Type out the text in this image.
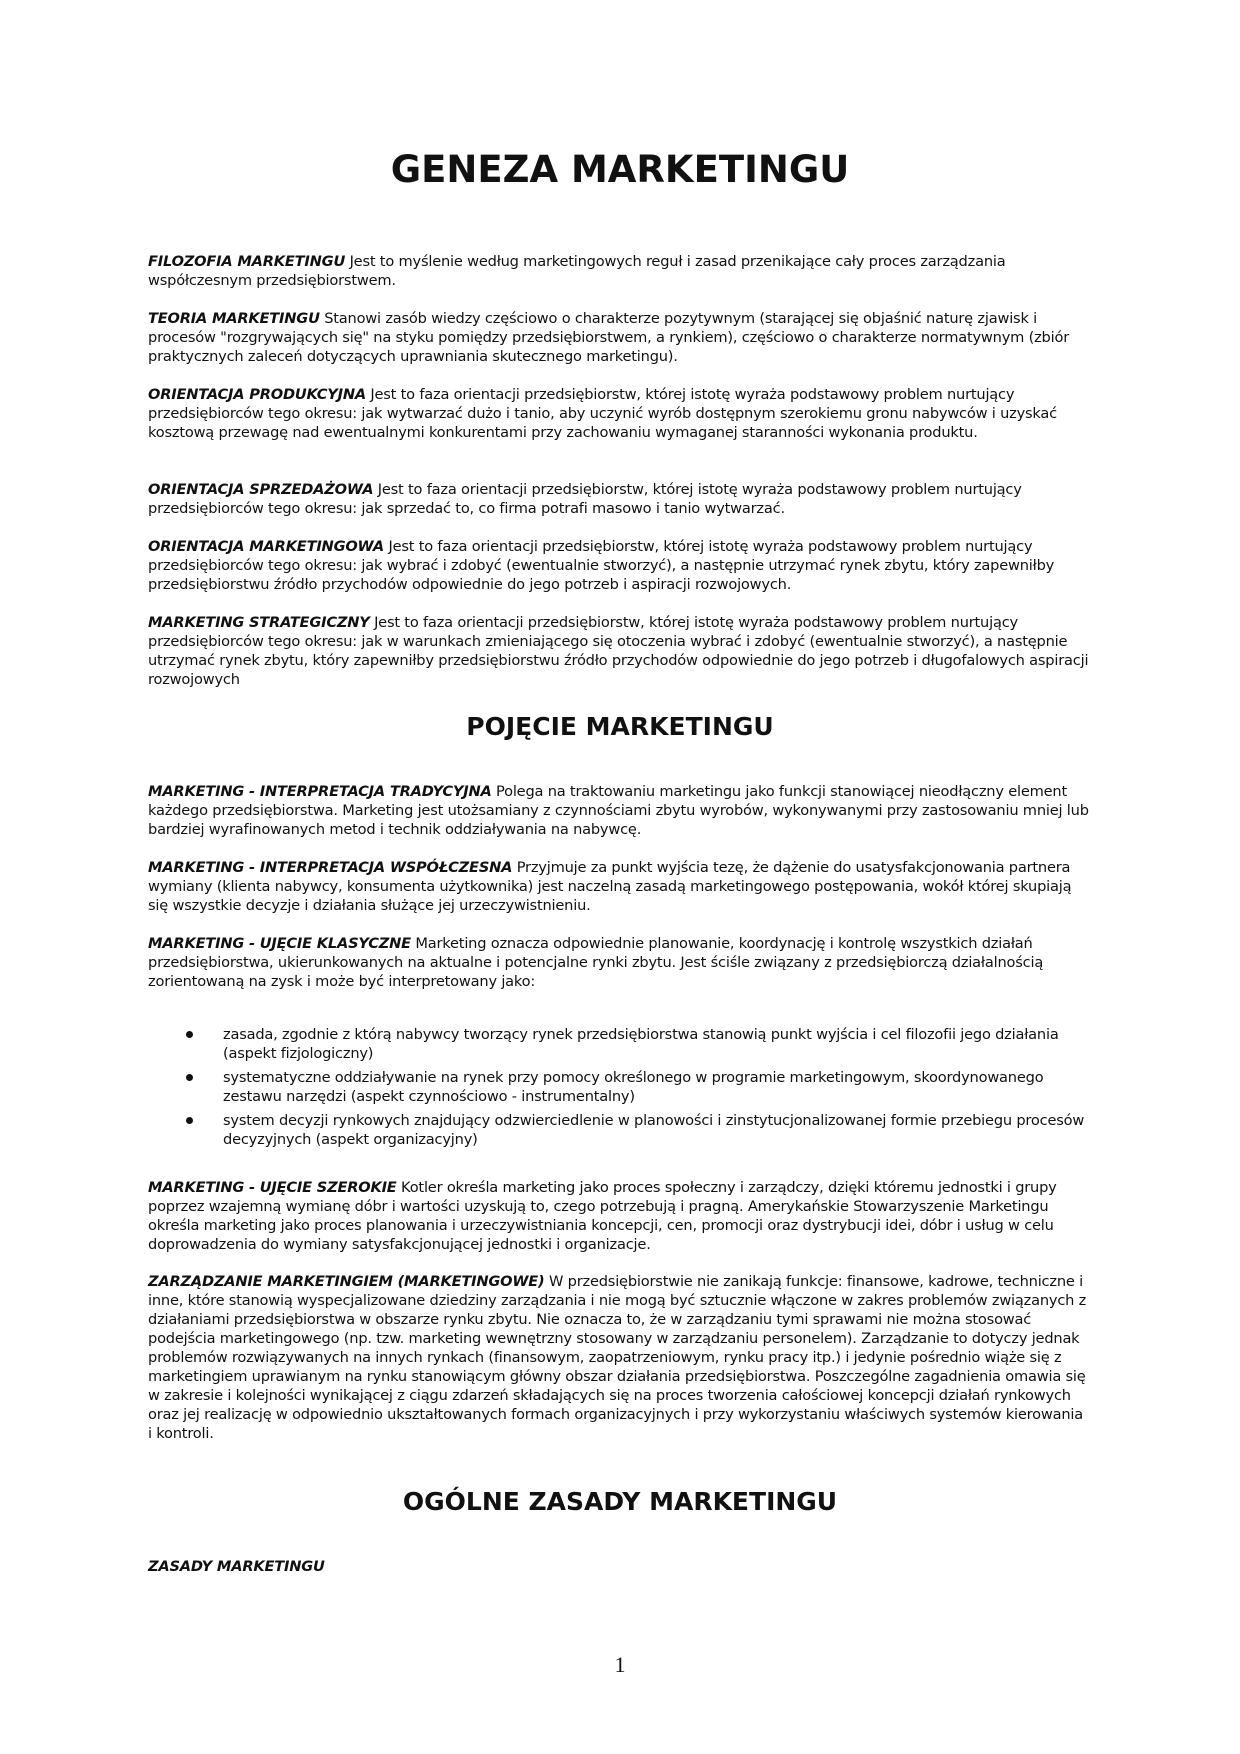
GENEZA MARKETINGU
FILOZOFIA MARKETINGU Jest to myślenie według marketingowych reguł i zasad przenikające cały proces zarządzania współczesnym przedsiębiorstwem.
TEORIA MARKETINGU Stanowi zasób wiedzy częściowo o charakterze pozytywnym (starającej się objaśnić naturę zjawisk i procesów "rozgrywających się" na styku pomiędzy przedsiębiorstwem, a rynkiem), częściowo o charakterze normatywnym (zbiór praktycznych zaleceń dotyczących uprawniania skutecznego marketingu).
ORIENTACJA PRODUKCYJNA Jest to faza orientacji przedsiębiorstw, której istotę wyraża podstawowy problem nurtujący przedsiębiorców tego okresu: jak wytwarzać dużo i tanio, aby uczynić wyrób dostępnym szerokiemu gronu nabywców i uzyskać kosztową przewagę nad ewentualnymi konkurentami przy zachowaniu wymaganej staranności wykonania produktu.
ORIENTACJA SPRZEDAŻOWA Jest to faza orientacji przedsiębiorstw, której istotę wyraża podstawowy problem nurtujący przedsiębiorców tego okresu: jak sprzedać to, co firma potrafi masowo i tanio wytwarzać.
ORIENTACJA MARKETINGOWA Jest to faza orientacji przedsiębiorstw, której istotę wyraża podstawowy problem nurtujący przedsiębiorców tego okresu: jak wybrać i zdobyć (ewentualnie stworzyć), a następnie utrzymać rynek zbytu, który zapewniłby przedsiębiorstwu źródło przychodów odpowiednie do jego potrzeb i aspiracji rozwojowych.
MARKETING STRATEGICZNY Jest to faza orientacji przedsiębiorstw, której istotę wyraża podstawowy problem nurtujący przedsiębiorców tego okresu: jak w warunkach zmieniającego się otoczenia wybrać i zdobyć (ewentualnie stworzyć), a następnie utrzymać rynek zbytu, który zapewniłby przedsiębiorstwu źródło przychodów odpowiednie do jego potrzeb i długofalowych aspiracji rozwojowych
POJĘCIE MARKETINGU
MARKETING - INTERPRETACJA TRADYCYJNA Polega na traktowaniu marketingu jako funkcji stanowiącej nieodłączny element każdego przedsiębiorstwa. Marketing jest utożsamiany z czynnościami zbytu wyrobów, wykonywanymi przy zastosowaniu mniej lub bardziej wyrafinowanych metod i technik oddziaływania na nabywcę.
MARKETING - INTERPRETACJA WSPÓŁCZESNA Przyjmuje za punkt wyjścia tezę, że dążenie do usatysfakcjonowania partnera wymiany (klienta nabywcy, konsumenta użytkownika) jest naczelną zasadą marketingowego postępowania, wokół której skupiają się wszystkie decyzje i działania służące jej urzeczywistnieniu.
MARKETING - UJĘCIE KLASYCZNE Marketing oznacza odpowiednie planowanie, koordynację i kontrolę wszystkich działań przedsiębiorstwa, ukierunkowanych na aktualne i potencjalne rynki zbytu. Jest ściśle związany z przedsiębiorczą działalnością zorientowaną na zysk i może być interpretowany jako:
zasada, zgodnie z którą nabywcy tworzący rynek przedsiębiorstwa stanowią punkt wyjścia i cel filozofii jego działania (aspekt fizjologiczny)
systematyczne oddziaływanie na rynek przy pomocy określonego w programie marketingowym, skoordynowanego zestawu narzędzi (aspekt czynnościowo - instrumentalny)
system decyzji rynkowych znajdujący odzwierciedlenie w planowości i zinstytucjonalizowanej formie przebiegu procesów decyzyjnych (aspekt organizacyjny)
MARKETING - UJĘCIE SZEROKIE Kotler określa marketing jako proces społeczny i zarządczy, dzięki któremu jednostki i grupy poprzez wzajemną wymianę dóbr i wartości uzyskują to, czego potrzebują i pragną. Amerykańskie Stowarzyszenie Marketingu określa marketing jako proces planowania i urzeczywistniania koncepcji, cen, promocji oraz dystrybucji idei, dóbr i usług w celu doprowadzenia do wymiany satysfakcjonującej jednostki i organizacje.
ZARZĄDZANIE MARKETINGIEM (MARKETINGOWE) W przedsiębiorstwie nie zanikają funkcje: finansowe, kadrowe, techniczne i inne, które stanowią wyspecjalizowane dziedziny zarządzania i nie mogą być sztucznie włączone w zakres problemów związanych z działaniami przedsiębiorstwa w obszarze rynku zbytu. Nie oznacza to, że w zarządzaniu tymi sprawami nie można stosować podejścia marketingowego (np. tzw. marketing wewnętrzny stosowany w zarządzaniu personelem). Zarządzanie to dotyczy jednak problemów rozwiązywanych na innych rynkach (finansowym, zaopatrzeniowym, rynku pracy itp.) i jedynie pośrednio wiąże się z marketingiem uprawianym na rynku stanowiącym główny obszar działania przedsiębiorstwa. Poszczególne zagadnienia omawia się w zakresie i kolejności wynikającej z ciągu zdarzeń składających się na proces tworzenia całościowej koncepcji działań rynkowych oraz jej realizację w odpowiednio ukształtowanych formach organizacyjnych i przy wykorzystaniu właściwych systemów kierowania i kontroli.
OGÓLNE ZASADY MARKETINGU
ZASADY MARKETINGU
1
